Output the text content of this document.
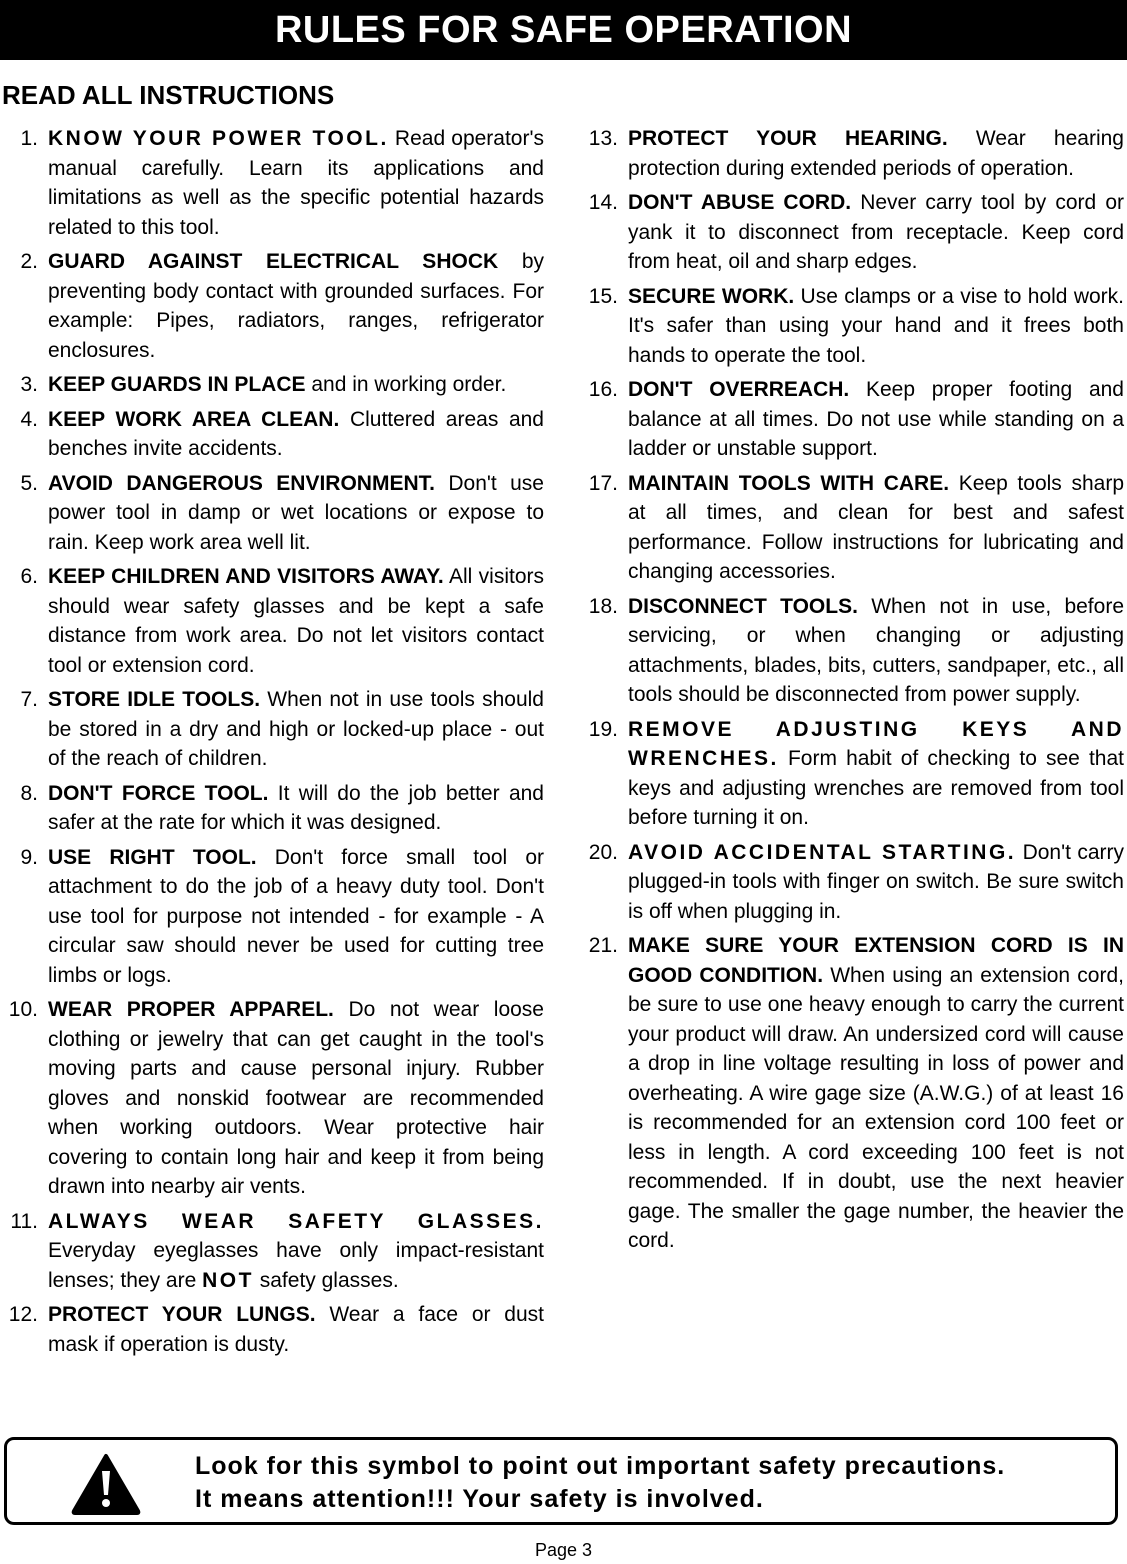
RULES FOR SAFE OPERATION
READ ALL INSTRUCTIONS
1. KNOW YOUR POWER TOOL. Read operator's manual carefully. Learn its applications and limitations as well as the specific potential hazards related to this tool.
2. GUARD AGAINST ELECTRICAL SHOCK by preventing body contact with grounded surfaces. For example: Pipes, radiators, ranges, refrigerator enclosures.
3. KEEP GUARDS IN PLACE and in working order.
4. KEEP WORK AREA CLEAN. Cluttered areas and benches invite accidents.
5. AVOID DANGEROUS ENVIRONMENT. Don't use power tool in damp or wet locations or expose to rain. Keep work area well lit.
6. KEEP CHILDREN AND VISITORS AWAY. All visitors should wear safety glasses and be kept a safe distance from work area. Do not let visitors contact tool or extension cord.
7. STORE IDLE TOOLS. When not in use tools should be stored in a dry and high or locked-up place - out of the reach of children.
8. DON'T FORCE TOOL. It will do the job better and safer at the rate for which it was designed.
9. USE RIGHT TOOL. Don't force small tool or attachment to do the job of a heavy duty tool. Don't use tool for purpose not intended - for example - A circular saw should never be used for cutting tree limbs or logs.
10. WEAR PROPER APPAREL. Do not wear loose clothing or jewelry that can get caught in the tool's moving parts and cause personal injury. Rubber gloves and nonskid footwear are recommended when working outdoors. Wear protective hair covering to contain long hair and keep it from being drawn into nearby air vents.
11. ALWAYS WEAR SAFETY GLASSES. Everyday eyeglasses have only impact-resistant lenses; they are NOT safety glasses.
12. PROTECT YOUR LUNGS. Wear a face or dust mask if operation is dusty.
13. PROTECT YOUR HEARING. Wear hearing protection during extended periods of operation.
14. DON'T ABUSE CORD. Never carry tool by cord or yank it to disconnect from receptacle. Keep cord from heat, oil and sharp edges.
15. SECURE WORK. Use clamps or a vise to hold work. It's safer than using your hand and it frees both hands to operate the tool.
16. DON'T OVERREACH. Keep proper footing and balance at all times. Do not use while standing on a ladder or unstable support.
17. MAINTAIN TOOLS WITH CARE. Keep tools sharp at all times, and clean for best and safest performance. Follow instructions for lubricating and changing accessories.
18. DISCONNECT TOOLS. When not in use, before servicing, or when changing or adjusting attachments, blades, bits, cutters, sandpaper, etc., all tools should be disconnected from power supply.
19. REMOVE ADJUSTING KEYS AND WRENCHES. Form habit of checking to see that keys and adjusting wrenches are removed from tool before turning it on.
20. AVOID ACCIDENTAL STARTING. Don't carry plugged-in tools with finger on switch. Be sure switch is off when plugging in.
21. MAKE SURE YOUR EXTENSION CORD IS IN GOOD CONDITION. When using an extension cord, be sure to use one heavy enough to carry the current your product will draw. An undersized cord will cause a drop in line voltage resulting in loss of power and overheating. A wire gage size (A.W.G.) of at least 16 is recommended for an extension cord 100 feet or less in length. A cord exceeding 100 feet is not recommended. If in doubt, use the next heavier gage. The smaller the gage number, the heavier the cord.
Look for this symbol to point out important safety precautions.
It means attention!!! Your safety is involved.
Page 3
